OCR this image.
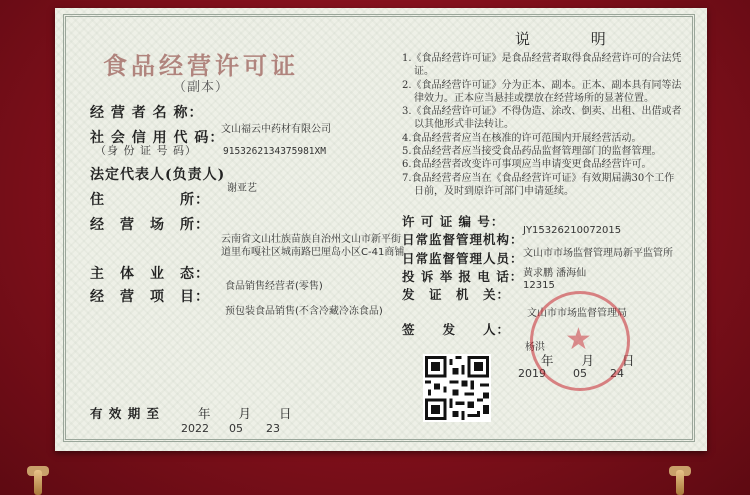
食品经营许可证
（副本）
经 营 者 名 称：
文山福云中药材有限公司
社 会 信 用 代 码：
（身 份 证 号 码）	9153262134375981XM
法定代表人(负责人)
谢亚艺
住　　　　　所：
经　营　场　所：
云南省文山壮族苗族自治州文山市新平街
道里布嘎社区城南路巴厘岛小区C-41商铺
主　体　业　态：
食品销售经营者(零售)
经　营　项　目：
预包装食品销售(不含冷藏冷冻食品)
有 效 期 至	年　　月　　日
2022 05 23
说 明

1.《食品经营许可证》是食品经营者取得食品经营许可的合法凭证。

2.《食品经营许可证》分为正本、副本。正本、副本具有同等法律效力。正本应当悬挂或摆放在经营场所的显著位置。

3.《食品经营许可证》不得伪造、涂改、倒卖、出租、出借或者以其他形式非法转让。

4.食品经营者应当在核准的许可范围内开展经营活动。

5.食品经营者应当接受食品药品监督管理部门的监督管理。

6.食品经营者改变许可事项应当申请变更食品经营许可。

7.食品经营者应当在《食品经营许可证》有效期届满30个工作日前，及时到原许可部门申请延续。

许 可 证 编 号：
JY15326210072015
日常监督管理机构：
文山市市场监督管理局新平监管所
日常监督管理人员：
黄求鹏 潘海仙
投 诉 举 报 电 话：
12315
发　证　机　关：
文山市市场监督管理局
签　　发　　人：
杨洪
年　　月　　日
2019 05 24
★
